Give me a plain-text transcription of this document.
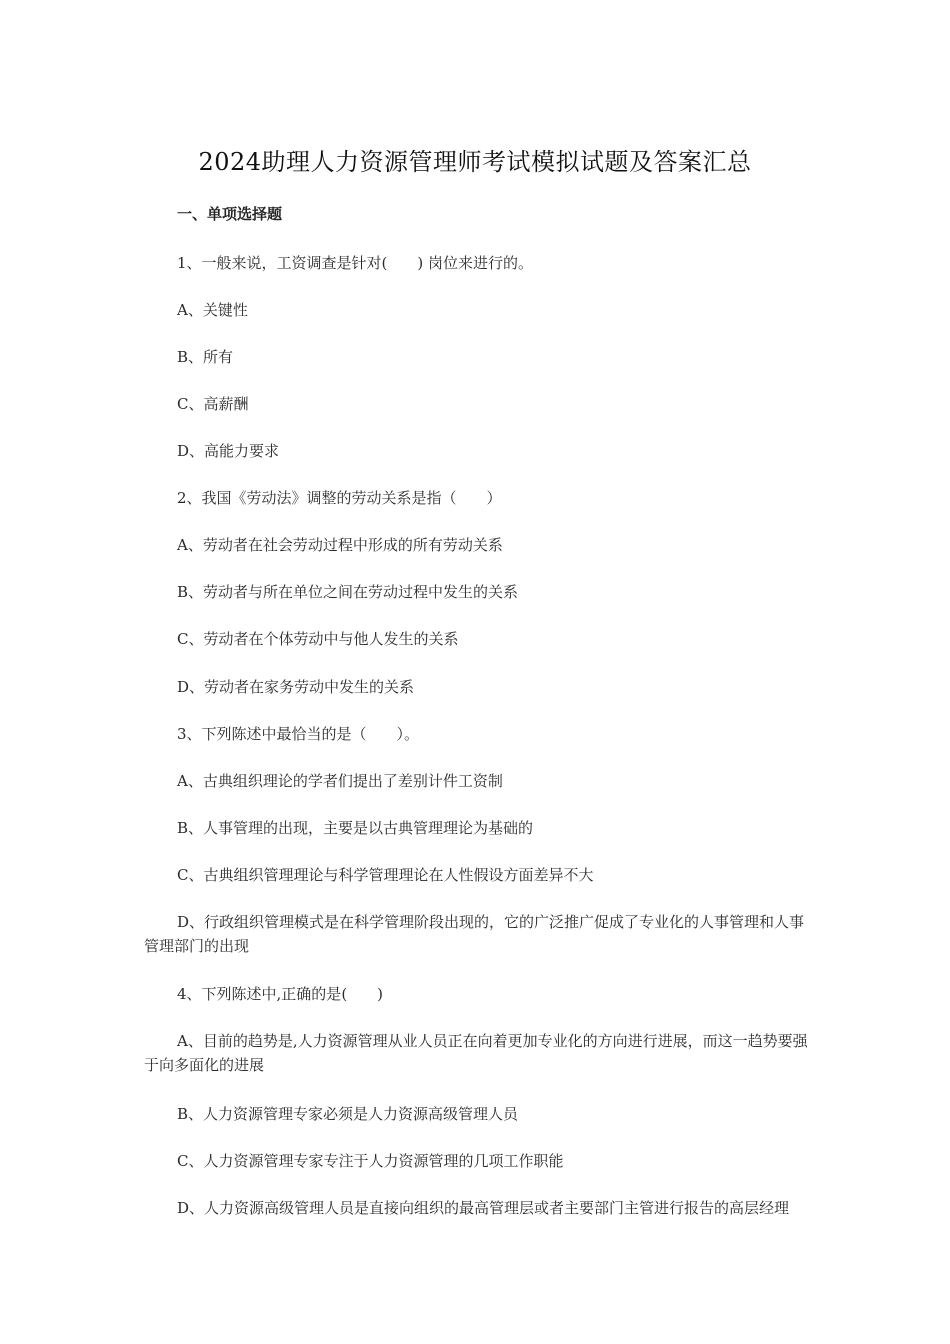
2024助理人力资源管理师考试模拟试题及答案汇总
一、单项选择题
1、一般来说，工资调查是针对(　　) 岗位来进行的。
A、关键性
B、所有
C、高薪酬
D、高能力要求
2、我国《劳动法》调整的劳动关系是指（　　）
A、劳动者在社会劳动过程中形成的所有劳动关系
B、劳动者与所在单位之间在劳动过程中发生的关系
C、劳动者在个体劳动中与他人发生的关系
D、劳动者在家务劳动中发生的关系
3、下列陈述中最恰当的是（　　）。
A、古典组织理论的学者们提出了差别计件工资制
B、人事管理的出现，主要是以古典管理理论为基础的
C、古典组织管理理论与科学管理理论在人性假设方面差异不大
D、行政组织管理模式是在科学管理阶段出现的，它的广泛推广促成了专业化的人事管理和人事管理部门的出现
4、下列陈述中,正确的是(　　)
A、目前的趋势是,人力资源管理从业人员正在向着更加专业化的方向进行进展，而这一趋势要强于向多面化的进展
B、人力资源管理专家必须是人力资源高级管理人员
C、人力资源管理专家专注于人力资源管理的几项工作职能
D、人力资源高级管理人员是直接向组织的最高管理层或者主要部门主管进行报告的高层经理
